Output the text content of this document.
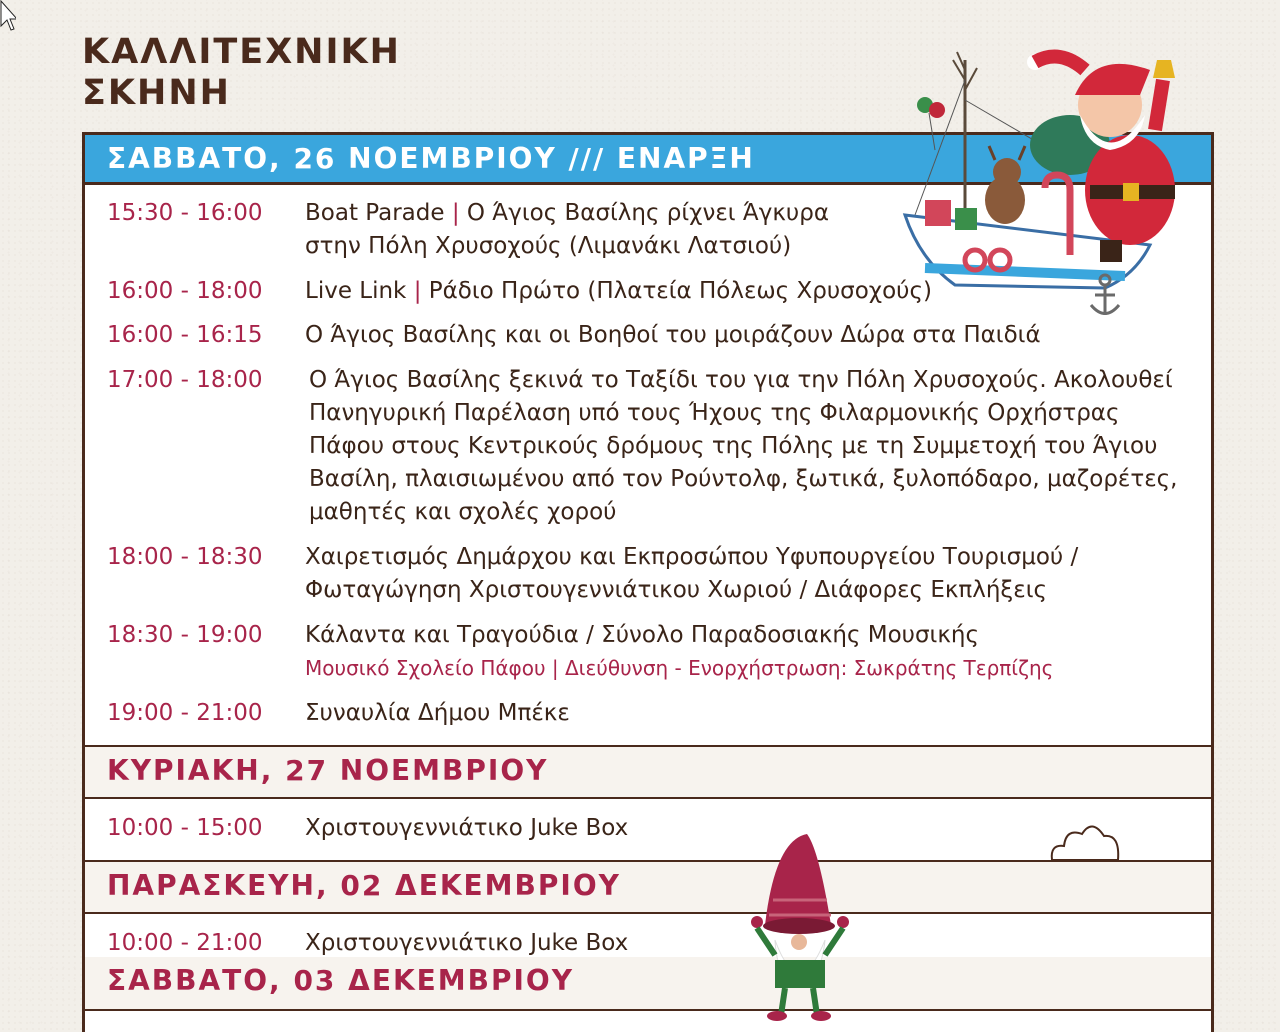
ΚΑΛΛΙΤΕΧΝΙΚΗ
ΣΚΗΝΗ
ΣΑΒΒΑΤΟ, 26 ΝΟΕΜΒΡΙΟΥ /// ΕΝΑΡΞΗ
15:30 - 16:00	Boat Parade | Ο Άγιος Βασίλης ρίχνει Άγκυρα
στην Πόλη Χρυσοχούς (Λιμανάκι Λατσιού)
16:00 - 18:00	Live Link | Ράδιο Πρώτο (Πλατεία Πόλεως Χρυσοχούς)
16:00 - 16:15	Ο Άγιος Βασίλης και οι Βοηθοί του μοιράζουν Δώρα στα Παιδιά
17:00 - 18:00	Ο Άγιος Βασίλης ξεκινά το Ταξίδι του για την Πόλη Χρυσοχούς. Ακολουθεί Πανηγυρική Παρέλαση υπό τους Ήχους της Φιλαρμονικής Ορχήστρας Πάφου στους Κεντρικούς δρόμους της Πόλης με τη Συμμετοχή του Άγιου Βασίλη, πλαισιωμένου από τον Ρούντολφ, ξωτικά, ξυλοπόδαρο, μαζορέτες, μαθητές και σχολές χορού
18:00 - 18:30	Χαιρετισμός Δημάρχου και Εκπροσώπου Υφυπουργείου Τουρισμού /
Φωταγώγηση Χριστουγεννιάτικου Χωριού / Διάφορες Εκπλήξεις
18:30 - 19:00	Κάλαντα και Τραγούδια / Σύνολο Παραδοσιακής Μουσικής
Μουσικό Σχολείο Πάφου | Διεύθυνση - Ενορχήστρωση: Σωκράτης Τερπίζης
19:00 - 21:00	Συναυλία Δήμου Μπέκε
ΚΥΡΙΑΚΗ, 27 ΝΟΕΜΒΡΙΟΥ
10:00 - 15:00	Χριστουγεννιάτικο Juke Box
ΠΑΡΑΣΚΕΥΗ, 02 ΔΕΚΕΜΒΡΙΟΥ
10:00 - 21:00	Χριστουγεννιάτικο Juke Box
ΣΑΒΒΑΤΟ, 03 ΔΕΚΕΜΒΡΙΟΥ
